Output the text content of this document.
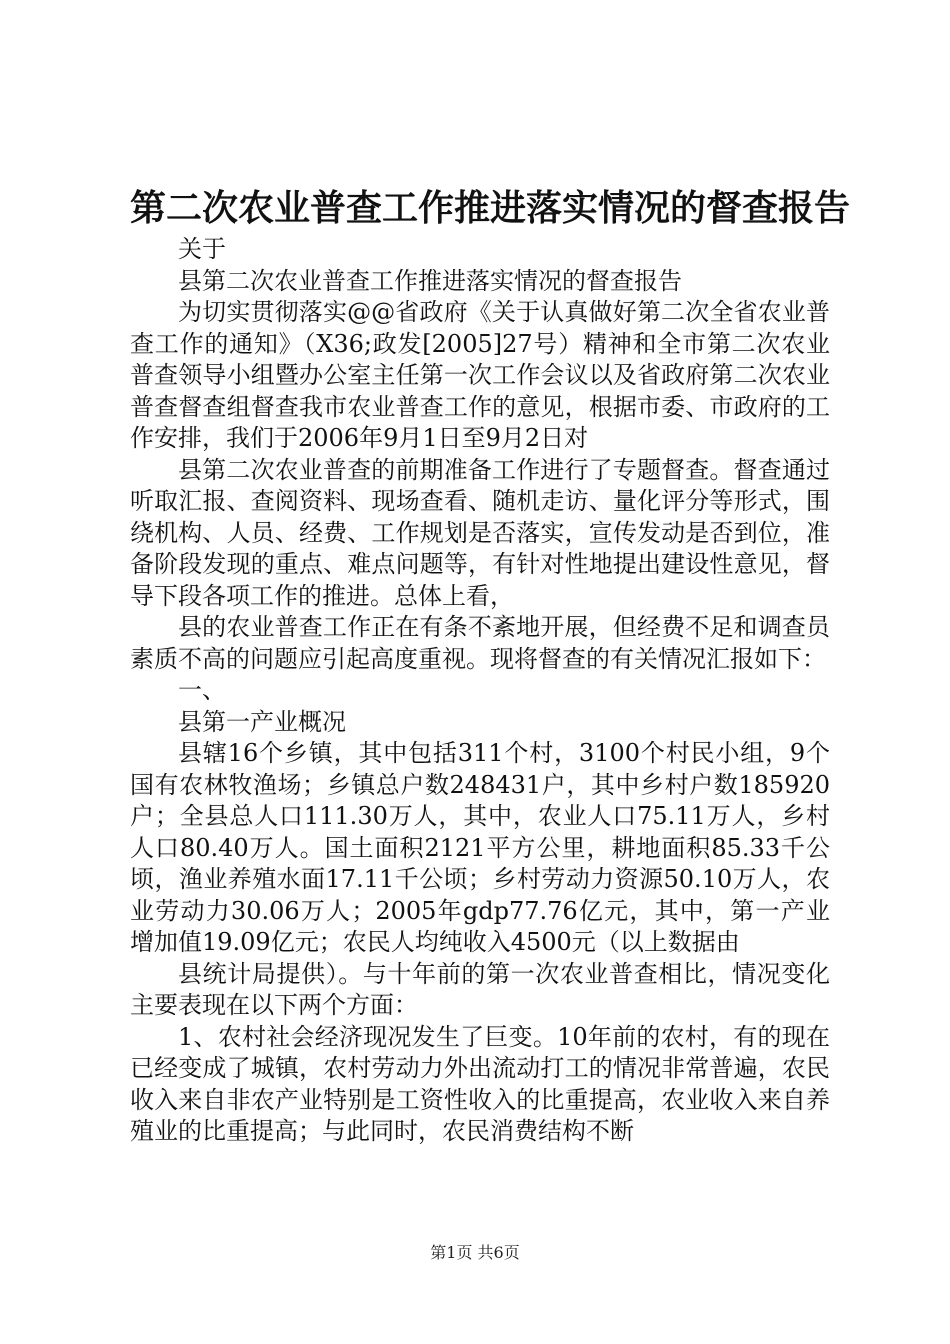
第二次农业普查工作推进落实情况的督查报告

关于

县第二次农业普查工作推进落实情况的督查报告

为切实贯彻落实@@省政府《关于认真做好第二次全省农业普查工作的通知》（X36;政发[2005]27号）精神和全市第二次农业普查领导小组暨办公室主任第一次工作会议以及省政府第二次农业普查督查组督查我市农业普查工作的意见，根据市委、市政府的工作安排，我们于2006年9月1日至9月2日对

县第二次农业普查的前期准备工作进行了专题督查。督查通过听取汇报、查阅资料、现场查看、随机走访、量化评分等形式，围绕机构、人员、经费、工作规划是否落实，宣传发动是否到位，准备阶段发现的重点、难点问题等，有针对性地提出建设性意见，督导下段各项工作的推进。总体上看，

县的农业普查工作正在有条不紊地开展，但经费不足和调查员素质不高的问题应引起高度重视。现将督查的有关情况汇报如下：

一、

县第一产业概况

县辖16个乡镇，其中包括311个村，3100个村民小组，9个国有农林牧渔场；乡镇总户数248431户，其中乡村户数185920户；全县总人口111.30万人，其中，农业人口75.11万人，乡村人口80.40万人。国土面积2121平方公里，耕地面积85.33千公顷，渔业养殖水面17.11千公顷；乡村劳动力资源50.10万人，农业劳动力30.06万人；2005年gdp77.76亿元，其中，第一产业增加值19.09亿元；农民人均纯收入4500元（以上数据由

县统计局提供）。与十年前的第一次农业普查相比，情况变化主要表现在以下两个方面：

1、农村社会经济现况发生了巨变。10年前的农村，有的现在已经变成了城镇，农村劳动力外出流动打工的情况非常普遍，农民收入来自非农产业特别是工资性收入的比重提高，农业收入来自养殖业的比重提高；与此同时，农民消费结构不断

第1页 共6页
